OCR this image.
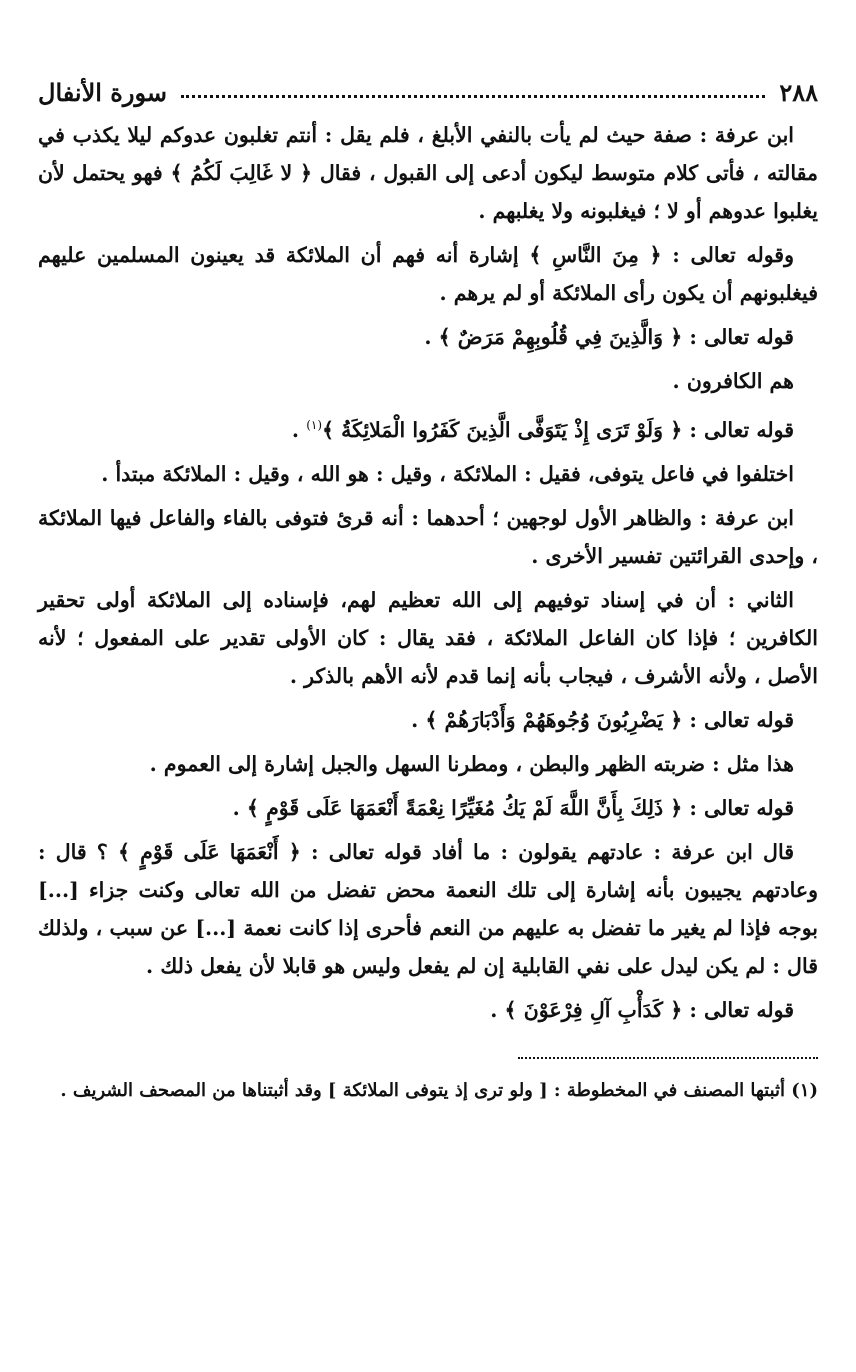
٢٨٨
سورة الأنفال

ابن عرفة : صفة حيث لم يأت بالنفي الأبلغ ، فلم يقل : أنتم تغلبون عدوكم ليلا يكذب في مقالته ، فأتى كلام متوسط ليكون أدعى إلى القبول ، فقال ﴿ لا غَالِبَ لَكُمُ ﴾ فهو يحتمل لأن يغلبوا عدوهم أو لا ؛ فيغلبونه ولا يغلبهم .

وقوله تعالى : ﴿ مِنَ النَّاسِ ﴾ إشارة أنه فهم أن الملائكة قد يعينون المسلمين عليهم فيغلبونهم أن يكون رأى الملائكة أو لم يرهم .

قوله تعالى : ﴿ وَالَّذِينَ فِي قُلُوبِهِمْ مَرَضٌ ﴾ .

هم الكافرون .

قوله تعالى : ﴿ وَلَوْ تَرَى إِذْ يَتَوَفَّى الَّذِينَ كَفَرُوا الْمَلائِكَةُ ﴾$^{(١)}$ .

اختلفوا في فاعل يتوفى، فقيل : الملائكة ، وقيل : هو الله ، وقيل : الملائكة مبتدأ .

ابن عرفة : والظاهر الأول لوجهين ؛ أحدهما : أنه قرئ فتوفى بالفاء والفاعل فيها الملائكة ، وإحدى القرائتين تفسير الأخرى .

الثاني : أن في إسناد توفيهم إلى الله تعظيم لهم، فإسناده إلى الملائكة أولى تحقير الكافرين ؛ فإذا كان الفاعل الملائكة ، فقد يقال : كان الأولى تقدير على المفعول ؛ لأنه الأصل ، ولأنه الأشرف ، فيجاب بأنه إنما قدم لأنه الأهم بالذكر .

قوله تعالى : ﴿ يَضْرِبُونَ وُجُوهَهُمْ وَأَدْبَارَهُمْ ﴾ .

هذا مثل : ضربته الظهر والبطن ، ومطرنا السهل والجبل إشارة إلى العموم .

قوله تعالى : ﴿ ذَلِكَ بِأَنَّ اللَّهَ لَمْ يَكُ مُغَيِّرًا نِعْمَةً أَنْعَمَهَا عَلَى قَوْمٍ ﴾ .

قال ابن عرفة : عادتهم يقولون : ما أفاد قوله تعالى : ﴿ أَنْعَمَهَا عَلَى قَوْمٍ ﴾ ؟ قال : وعادتهم يجيبون بأنه إشارة إلى تلك النعمة محض تفضل من الله تعالى وكنت جزاء [...] بوجه فإذا لم يغير ما تفضل به عليهم من النعم فأحرى إذا كانت نعمة [...] عن سبب ، ولذلك قال : لم يكن ليدل على نفي القابلية إن لم يفعل وليس هو قابلا لأن يفعل ذلك .

قوله تعالى : ﴿ كَدَأْبِ آلِ فِرْعَوْنَ ﴾ .

(١) أثبتها المصنف في المخطوطة : [ ولو ترى إذ يتوفى الملائكة ] وقد أثبتناها من المصحف الشريف .
